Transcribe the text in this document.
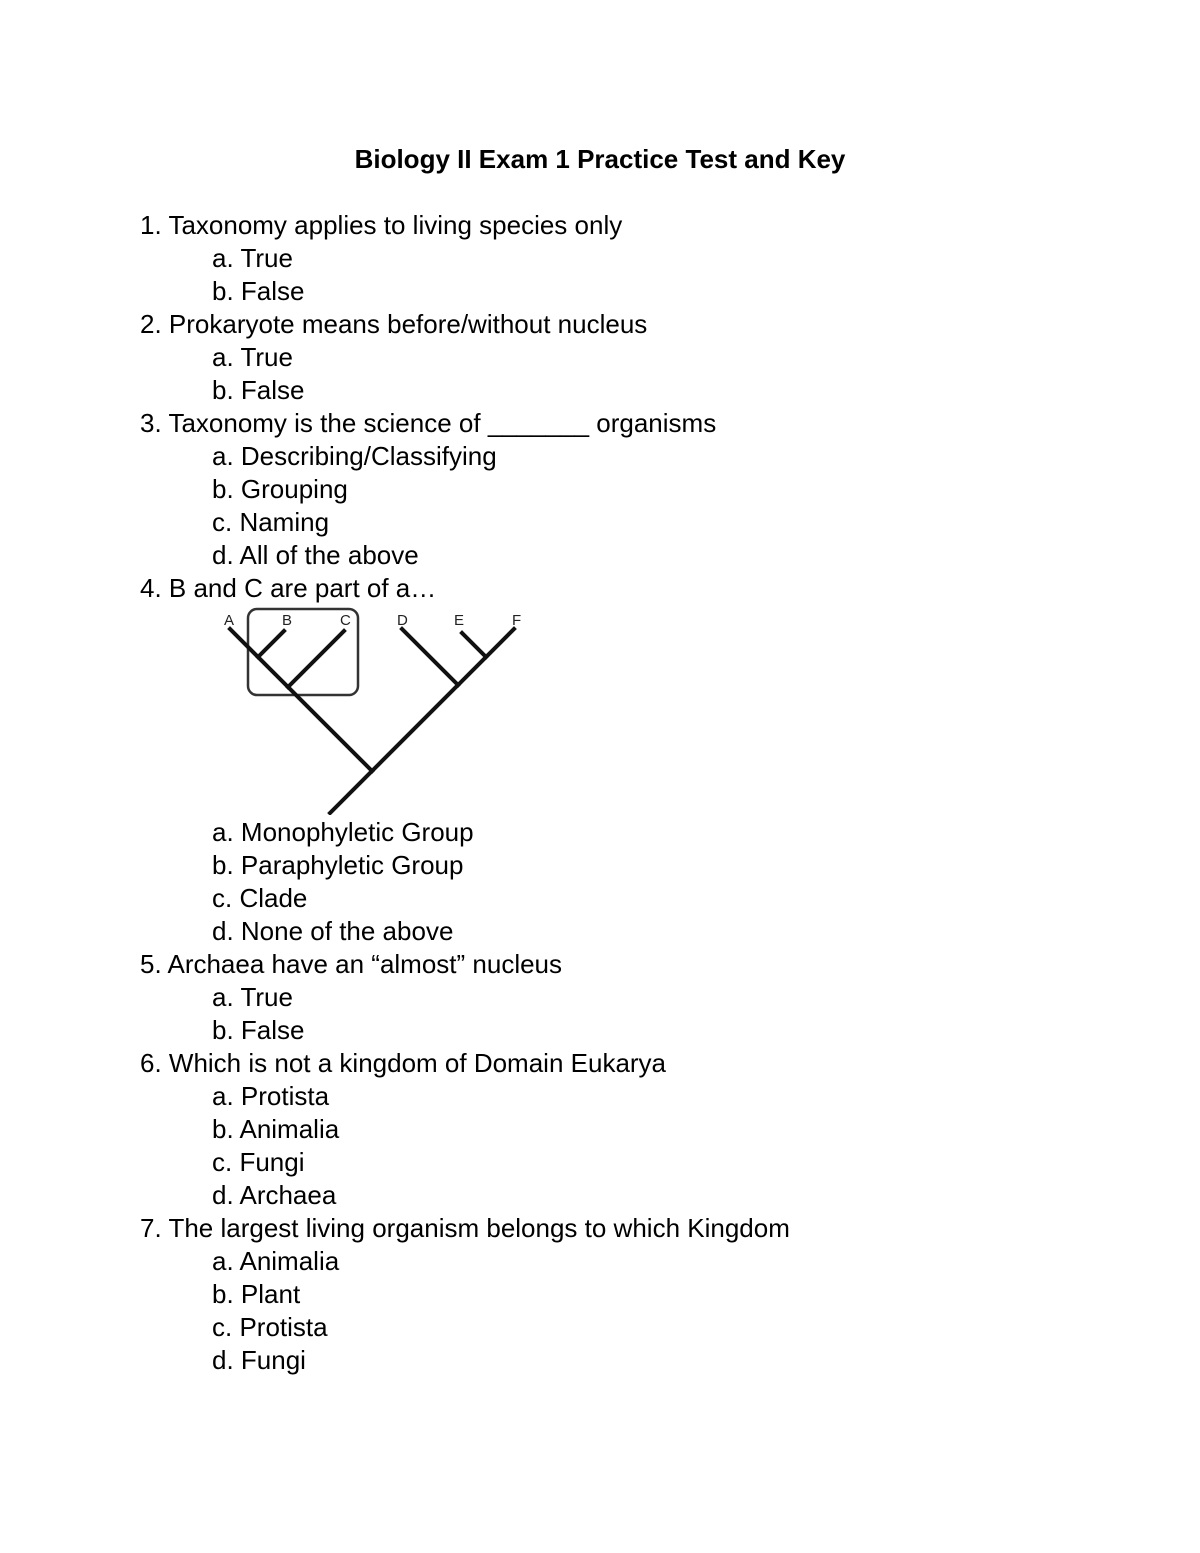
Biology II Exam 1 Practice Test and Key
1. Taxonomy applies to living species only
a. True
b. False
2. Prokaryote means before/without nucleus
a. True
b. False
3. Taxonomy is the science of _______ organisms
a. Describing/Classifying
b. Grouping
c. Naming
d. All of the above
4. B and C are part of a…
A	B	C	D	E	F
a. Monophyletic Group
b. Paraphyletic Group
c. Clade
d. None of the above
5. Archaea have an “almost” nucleus
a. True
b. False
6. Which is not a kingdom of Domain Eukarya
a. Protista
b. Animalia
c. Fungi
d. Archaea
7. The largest living organism belongs to which Kingdom
a. Animalia
b. Plant
c. Protista
d. Fungi
